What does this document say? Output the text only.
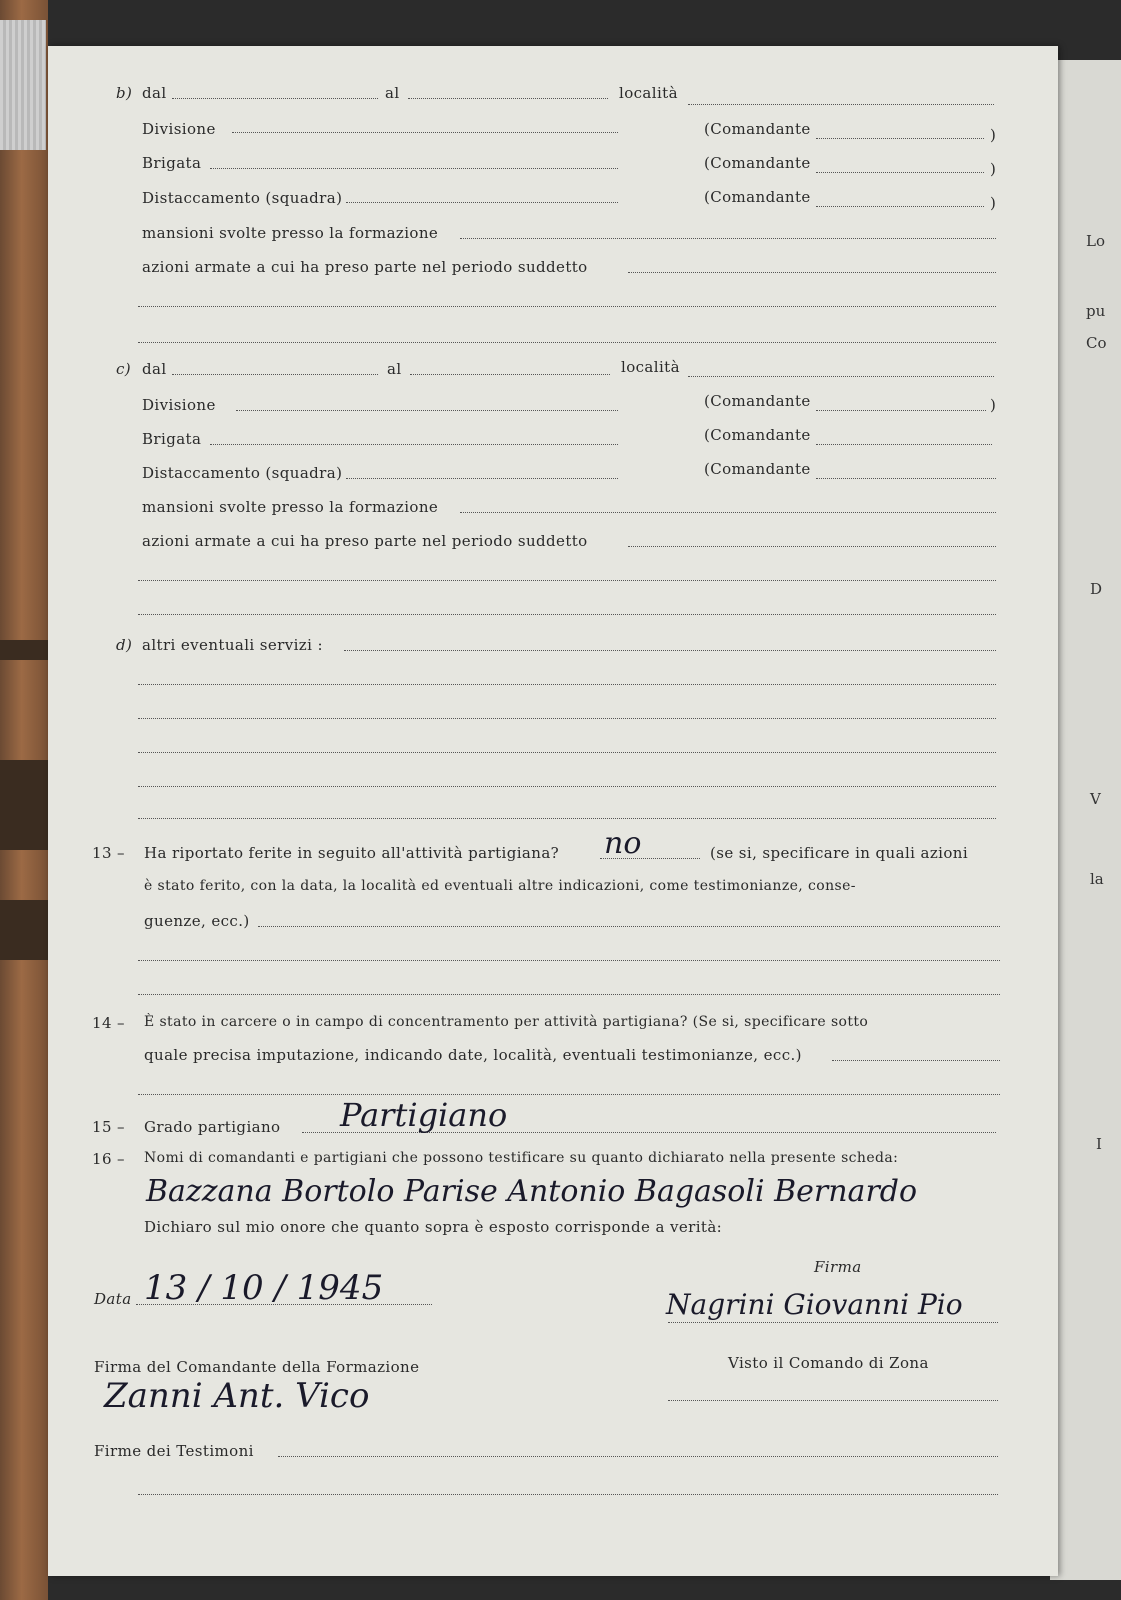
Lo
pu
Co
D
V
la
I
b) dal	al	località
Divisione	(Comandante	)
Brigata	(Comandante	)
Distaccamento (squadra)	(Comandante	)
mansioni svolte presso la formazione
azioni armate a cui ha preso parte nel periodo suddetto
c) dal	al	località
Divisione	(Comandante	)
Brigata	(Comandante
Distaccamento (squadra)	(Comandante
mansioni svolte presso la formazione
azioni armate a cui ha preso parte nel periodo suddetto
d) altri eventuali servizi :
13 – Ha riportato ferite in seguito all'attività partigiana? no	(se si, specificare in quali azioni
è stato ferito, con la data, la località ed eventuali altre indicazioni, come testimonianze, conse-
guenze, ecc.)
14 – È stato in carcere o in campo di concentramento per attività partigiana? (Se si, specificare sotto
quale precisa imputazione, indicando date, località, eventuali testimonianze, ecc.)
15 – Grado partigiano Partigiano
16 – Nomi di comandanti e partigiani che possono testificare su quanto dichiarato nella presente scheda:
Bazzana Bortolo Parise Antonio Bagasoli Bernardo
Dichiaro sul mio onore che quanto sopra è esposto corrisponde a verità:
Firma
Nagrini Giovanni Pio
Data 13 / 10 / 1945
Firma del Comandante della Formazione
Zanni Ant. Vico
Visto il Comando di Zona
Firme dei Testimoni
